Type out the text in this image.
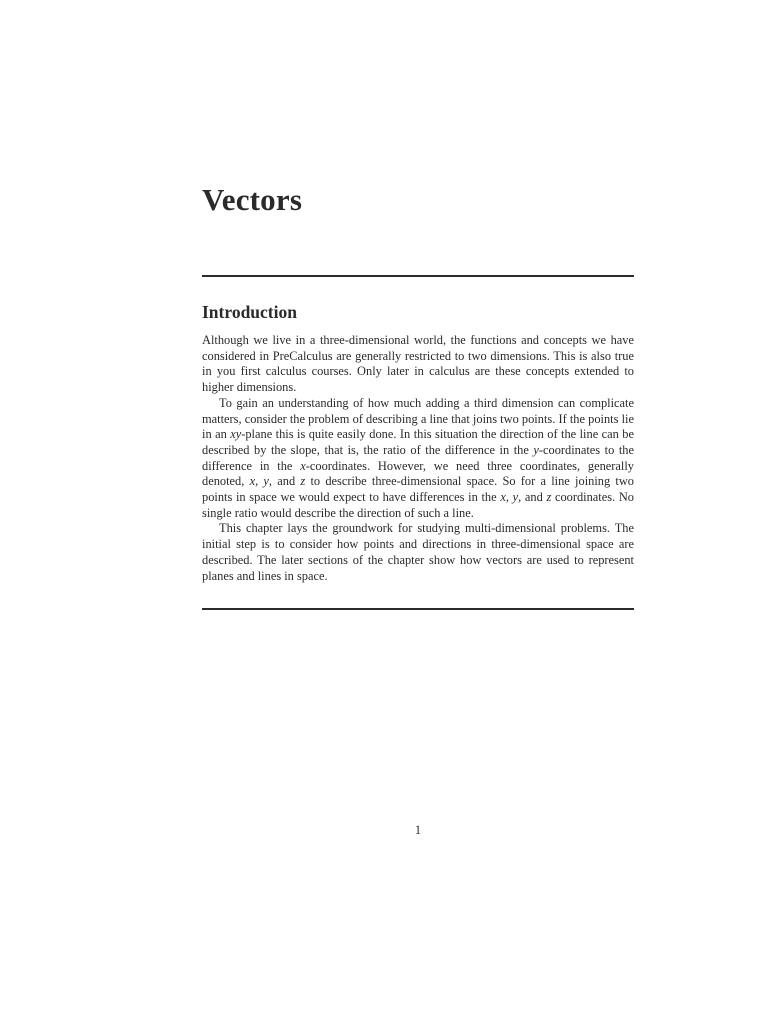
Vectors
Introduction

Although we live in a three-dimensional world, the functions and concepts we have considered in PreCalculus are generally restricted to two dimensions. This is also true in you first calculus courses. Only later in calculus are these concepts extended to higher dimensions.

To gain an understanding of how much adding a third dimension can complicate matters, consider the problem of describing a line that joins two points. If the points lie in an xy-plane this is quite easily done. In this situation the direction of the line can be described by the slope, that is, the ratio of the difference in the y-coordinates to the difference in the x-coordinates. However, we need three coordinates, generally denoted, x, y, and z to describe three-dimensional space. So for a line joining two points in space we would expect to have differences in the x, y, and z coordinates. No single ratio would describe the direction of such a line.

This chapter lays the groundwork for studying multi-dimensional problems. The initial step is to consider how points and directions in three-dimensional space are described. The later sections of the chapter show how vectors are used to represent planes and lines in space.

1
